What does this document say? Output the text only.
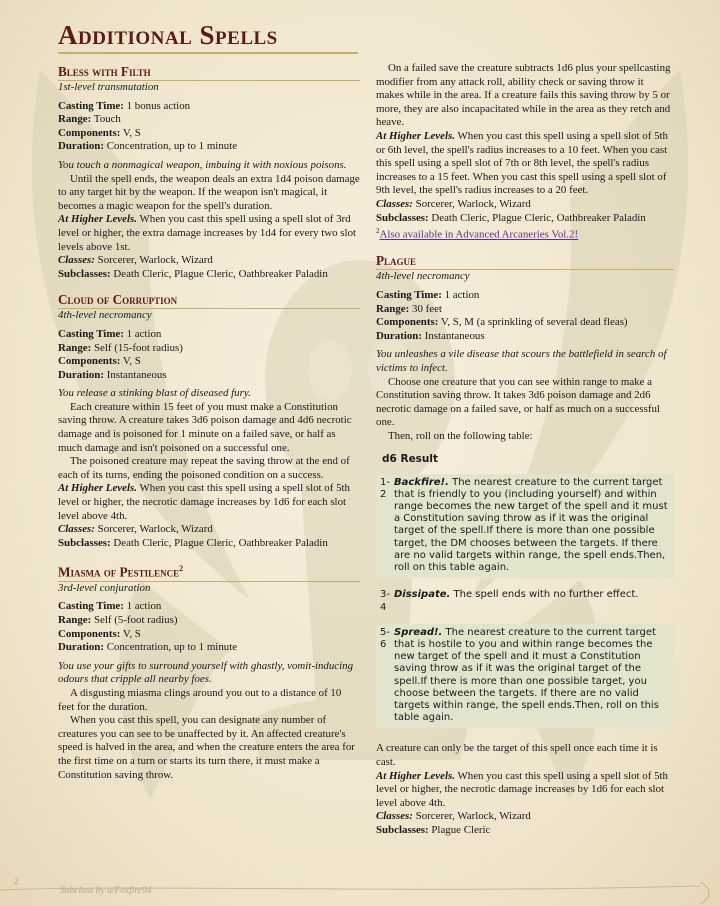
Additional Spells
Bless with Filth
1st-level transmutation

Casting Time: 1 bonus action

Range: Touch

Components: V, S

Duration: Concentration, up to 1 minute

You touch a nonmagical weapon, imbuing it with noxious poisons.

Until the spell ends, the weapon deals an extra 1d4 poison damage to any target hit by the weapon. If the weapon isn't magical, it becomes a magic weapon for the spell's duration.

At Higher Levels. When you cast this spell using a spell slot of 3rd level or higher, the extra damage increases by 1d4 for every two slot levels above 1st.

Classes: Sorcerer, Warlock, Wizard

Subclasses: Death Cleric, Plague Cleric, Oathbreaker Paladin

Cloud of Corruption
4th-level necromancy

Casting Time: 1 action

Range: Self (15-foot radius)

Components: V, S

Duration: Instantaneous

You release a stinking blast of diseased fury.

Each creature within 15 feet of you must make a Constitution saving throw. A creature takes 3d6 poison damage and 4d6 necrotic damage and is poisoned for 1 minute on a failed save, or half as much damage and isn't poisoned on a successful one.

The poisoned creature may repeat the saving throw at the end of each of its turns, ending the poisoned condition on a success.

At Higher Levels. When you cast this spell using a spell slot of 5th level or higher, the necrotic damage increases by 1d6 for each slot level above 4th.

Classes: Sorcerer, Warlock, Wizard

Subclasses: Death Cleric, Plague Cleric, Oathbreaker Paladin

Miasma of Pestilence$^2$
3rd-level conjuration

Casting Time: 1 action

Range: Self (5-foot radius)

Components: V, S

Duration: Concentration, up to 1 minute

You use your gifts to surround yourself with ghastly, vomit-inducing odours that cripple all nearby foes.

A disgusting miasma clings around you out to a distance of 10 feet for the duration.

When you cast this spell, you can designate any number of creatures you can see to be unaffected by it. An affected creature's speed is halved in the area, and when the creature enters the area for the first time on a turn or starts its turn there, it must make a Constitution saving throw.

On a failed save the creature subtracts 1d6 plus your spellcasting modifier from any attack roll, ability check or saving throw it makes while in the area. If a creature fails this saving throw by 5 or more, they are also incapacitated while in the area as they retch and heave.

At Higher Levels. When you cast this spell using a spell slot of 5th or 6th level, the spell's radius increases to a 10 feet. When you cast this spell using a spell slot of 7th or 8th level, the spell's radius increases to a 15 feet. When you cast this spell using a spell slot of 9th level, the spell's radius increases to a 20 feet.

Classes: Sorcerer, Warlock, Wizard

Subclasses: Death Cleric, Plague Cleric, Oathbreaker Paladin

$^2$Also available in Advanced Arcaneries Vol.2!

Plague
4th-level necromancy

Casting Time: 1 action

Range: 30 feet

Components: V, S, M (a sprinkling of several dead fleas)

Duration: Instantaneous

You unleashes a vile disease that scours the battlefield in search of victims to infect.

Choose one creature that you can see within range to make a Constitution saving throw. It takes 3d6 poison damage and 2d6 necrotic damage on a failed save, or half as much on a successful one.

Then, roll on the following table:

d6 Result
1-
2
Backfire!. The nearest creature to the current target that is friendly to you (including yourself) and within range becomes the new target of the spell and it must a Constitution saving throw as if it was the original target of the spell.If there is more than one possible target, the DM chooses between the targets. If there are no valid targets within range, the spell ends.Then, roll on this table again.
3-
4
Dissipate. The spell ends with no further effect.
5-
6
Spread!. The nearest creature to the current target that is hostile to you and within range becomes the new target of the spell and it must a Constitution saving throw as if it was the original target of the spell.If there is more than one possible target, you choose between the targets. If there are no valid targets within range, the spell ends.Then, roll on this table again.

A creature can only be the target of this spell once each time it is cast.

At Higher Levels. When you cast this spell using a spell slot of 5th level or higher, the necrotic damage increases by 1d6 for each slot level above 4th.

Classes: Sorcerer, Warlock, Wizard

Subclasses: Plague Cleric

2
Subclass by u/Foxfire94
